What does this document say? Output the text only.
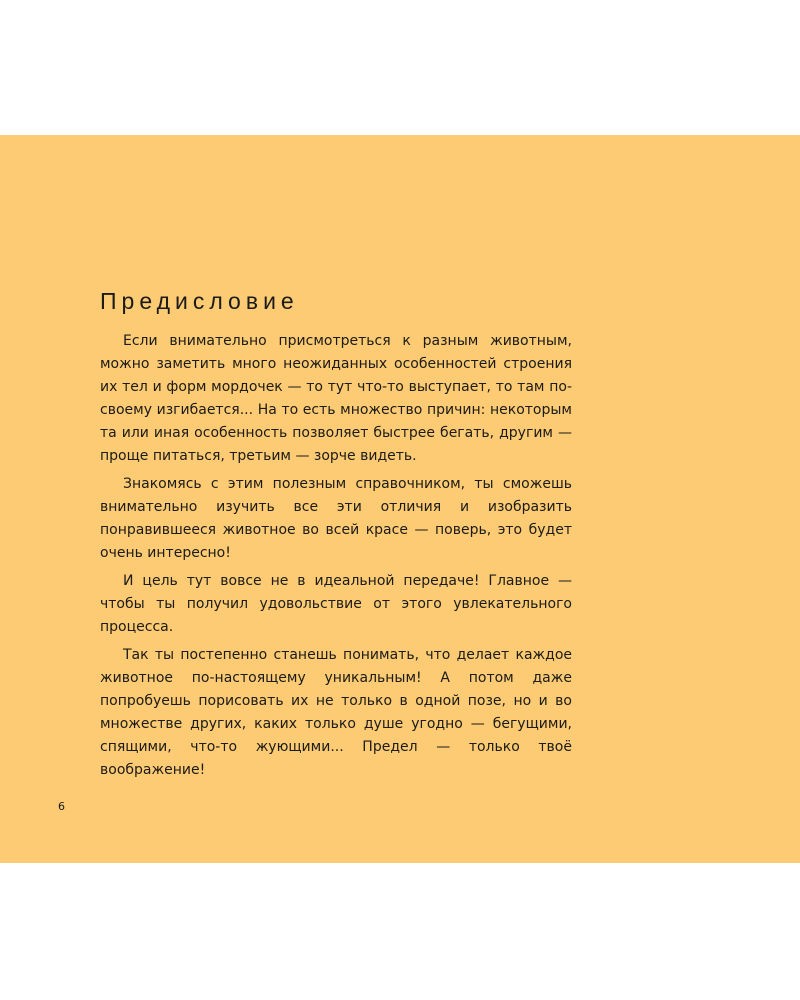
Предисловие

Если внимательно присмотреться к разным животным, можно заметить много неожиданных особенностей строения их тел и форм мордочек — то тут что-то выступает, то там по-своему изгибается... На то есть множество причин: некоторым та или иная особенность позволяет быстрее бегать, другим — проще питаться, третьим — зорче видеть.

Знакомясь с этим полезным справочником, ты сможешь внимательно изучить все эти отличия и изобразить понравившееся животное во всей красе — поверь, это будет очень интересно!

И цель тут вовсе не в идеальной передаче! Главное — чтобы ты получил удовольствие от этого увлекательного процесса.

Так ты постепенно станешь понимать, что делает каждое животное по-настоящему уникальным! А потом даже попробуешь порисовать их не только в одной позе, но и во множестве других, каких только душе угодно — бегущими, спящими, что-то жующими... Предел — только твоё воображение!

6
